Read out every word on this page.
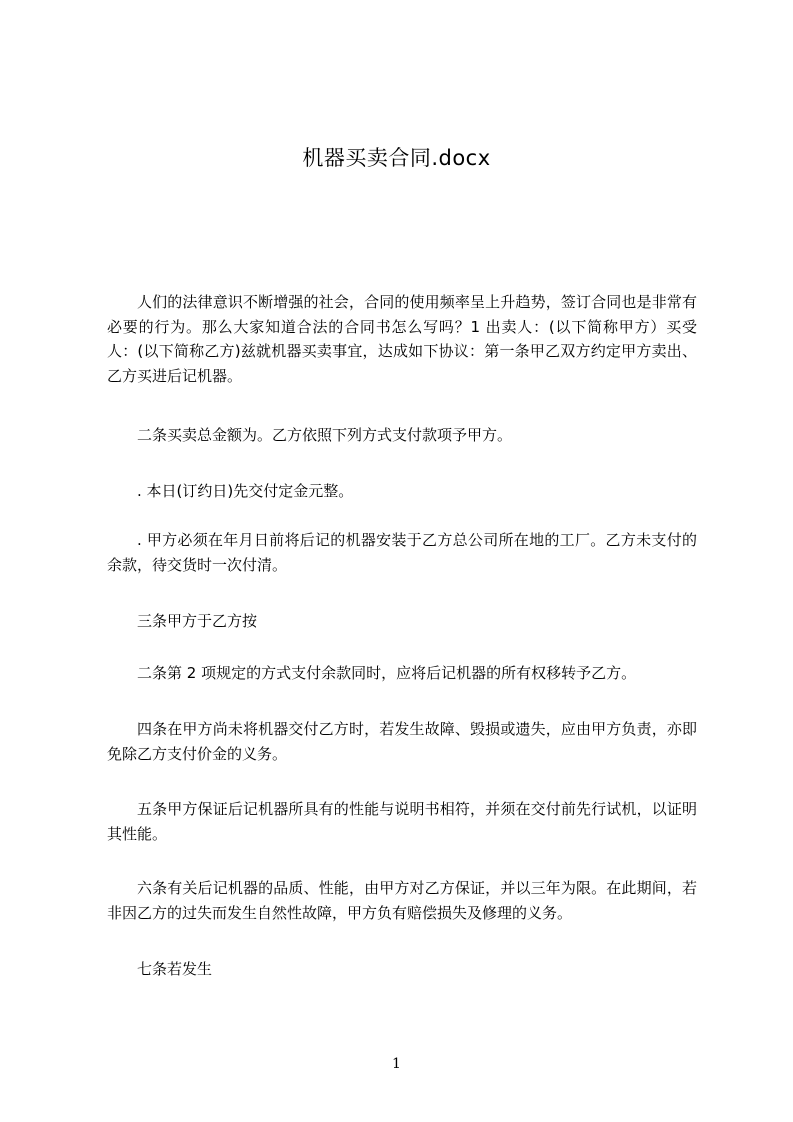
机器买卖合同.docx

人们的法律意识不断增强的社会，合同的使用频率呈上升趋势，签订合同也是非常有必要的行为。那么大家知道合法的合同书怎么写吗？1 出卖人：(以下简称甲方）买受人：(以下简称乙方)兹就机器买卖事宜，达成如下协议：第一条甲乙双方约定甲方卖出、乙方买进后记机器。

二条买卖总金额为。乙方依照下列方式支付款项予甲方。

. 本日(订约日)先交付定金元整。

. 甲方必须在年月日前将后记的机器安装于乙方总公司所在地的工厂。乙方未支付的余款，待交货时一次付清。

三条甲方于乙方按

二条第 2 项规定的方式支付余款同时，应将后记机器的所有权移转予乙方。

四条在甲方尚未将机器交付乙方时，若发生故障、毁损或遗失，应由甲方负责，亦即免除乙方支付价金的义务。

五条甲方保证后记机器所具有的性能与说明书相符，并须在交付前先行试机，以证明其性能。

六条有关后记机器的品质、性能，由甲方对乙方保证，并以三年为限。在此期间，若非因乙方的过失而发生自然性故障，甲方负有赔偿损失及修理的义务。

七条若发生

1
